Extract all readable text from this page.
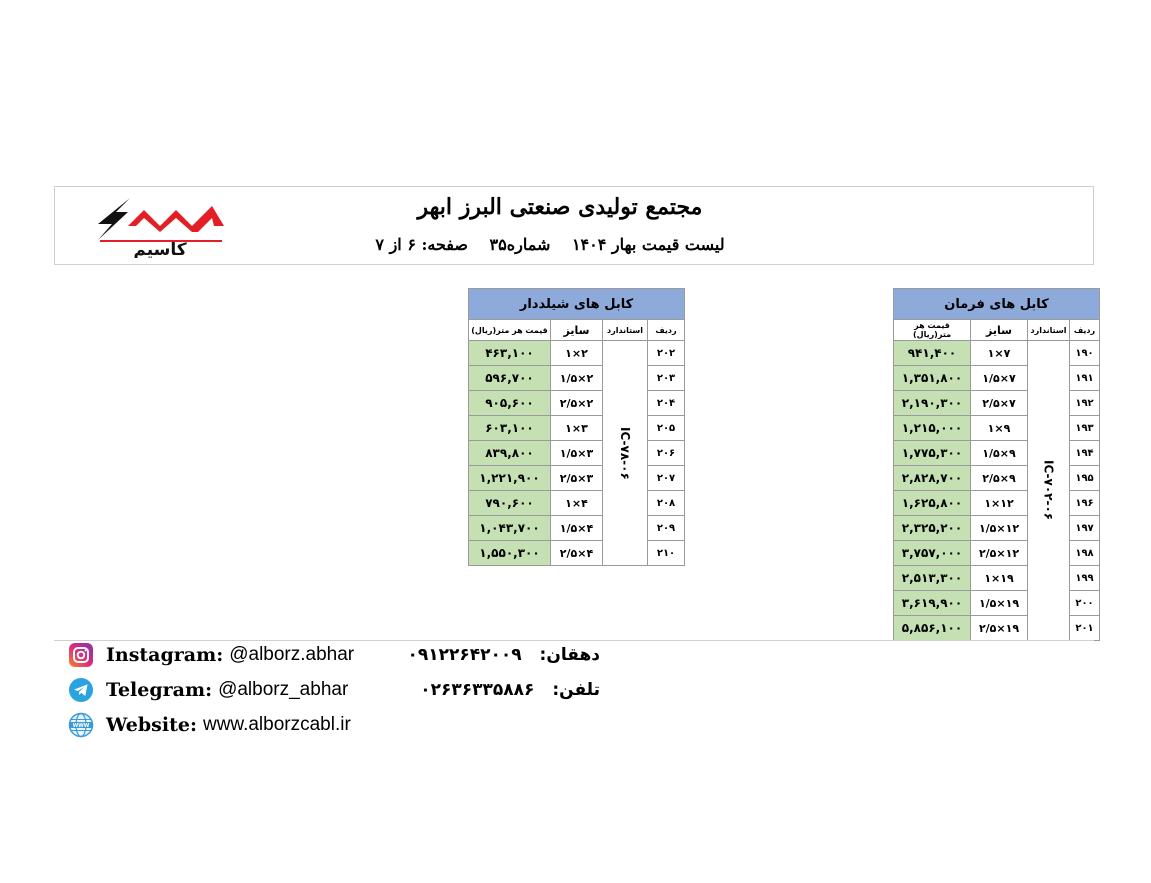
کاسیم
مجتمع تولیدی صنعتی البرز ابهر
لیست قیمت بهار ۱۴۰۴ شماره۳۵ صفحه: ۶ از ۷
کابل های فرمان			
ردیف	استاندارد	سایز	قیمت هر متر(ریال)
۱۹۰	IC-۷۰۲-۰۶	۷×۱	۹۴۱,۴۰۰
۱۹۱		۷×۱/۵	۱,۳۵۱,۸۰۰
۱۹۲		۷×۲/۵	۲,۱۹۰,۳۰۰
۱۹۳		۹×۱	۱,۲۱۵,۰۰۰
۱۹۴		۹×۱/۵	۱,۷۷۵,۳۰۰
۱۹۵		۹×۲/۵	۲,۸۲۸,۷۰۰
۱۹۶		۱۲×۱	۱,۶۲۵,۸۰۰
۱۹۷		۱۲×۱/۵	۲,۳۲۵,۲۰۰
۱۹۸		۱۲×۲/۵	۳,۷۵۷,۰۰۰
۱۹۹		۱۹×۱	۲,۵۱۳,۳۰۰
۲۰۰		۱۹×۱/۵	۳,۶۱۹,۹۰۰
۲۰۱		۱۹×۲/۵	۵,۸۵۶,۱۰۰
کابل های شیلددار			
ردیف	استاندارد	سایز	قیمت هر متر(ریال)
۲۰۲	IC-۷۸-۰۶	۲×۱	۴۶۳,۱۰۰
۲۰۳		۲×۱/۵	۵۹۶,۷۰۰
۲۰۴		۲×۲/۵	۹۰۵,۶۰۰
۲۰۵		۳×۱	۶۰۳,۱۰۰
۲۰۶		۳×۱/۵	۸۳۹,۸۰۰
۲۰۷		۳×۲/۵	۱,۲۲۱,۹۰۰
۲۰۸		۴×۱	۷۹۰,۶۰۰
۲۰۹		۴×۱/۵	۱,۰۴۳,۷۰۰
۲۱۰		۴×۲/۵	۱,۵۵۰,۳۰۰
Instagram: @alborz.abhar
Telegram: @alborz_abhar
WWW Website: www.alborzcabl.ir
دهقان: ۰۹۱۲۲۶۴۲۰۰۹
تلفن: ۰۲۶۳۶۳۳۵۸۸۶
